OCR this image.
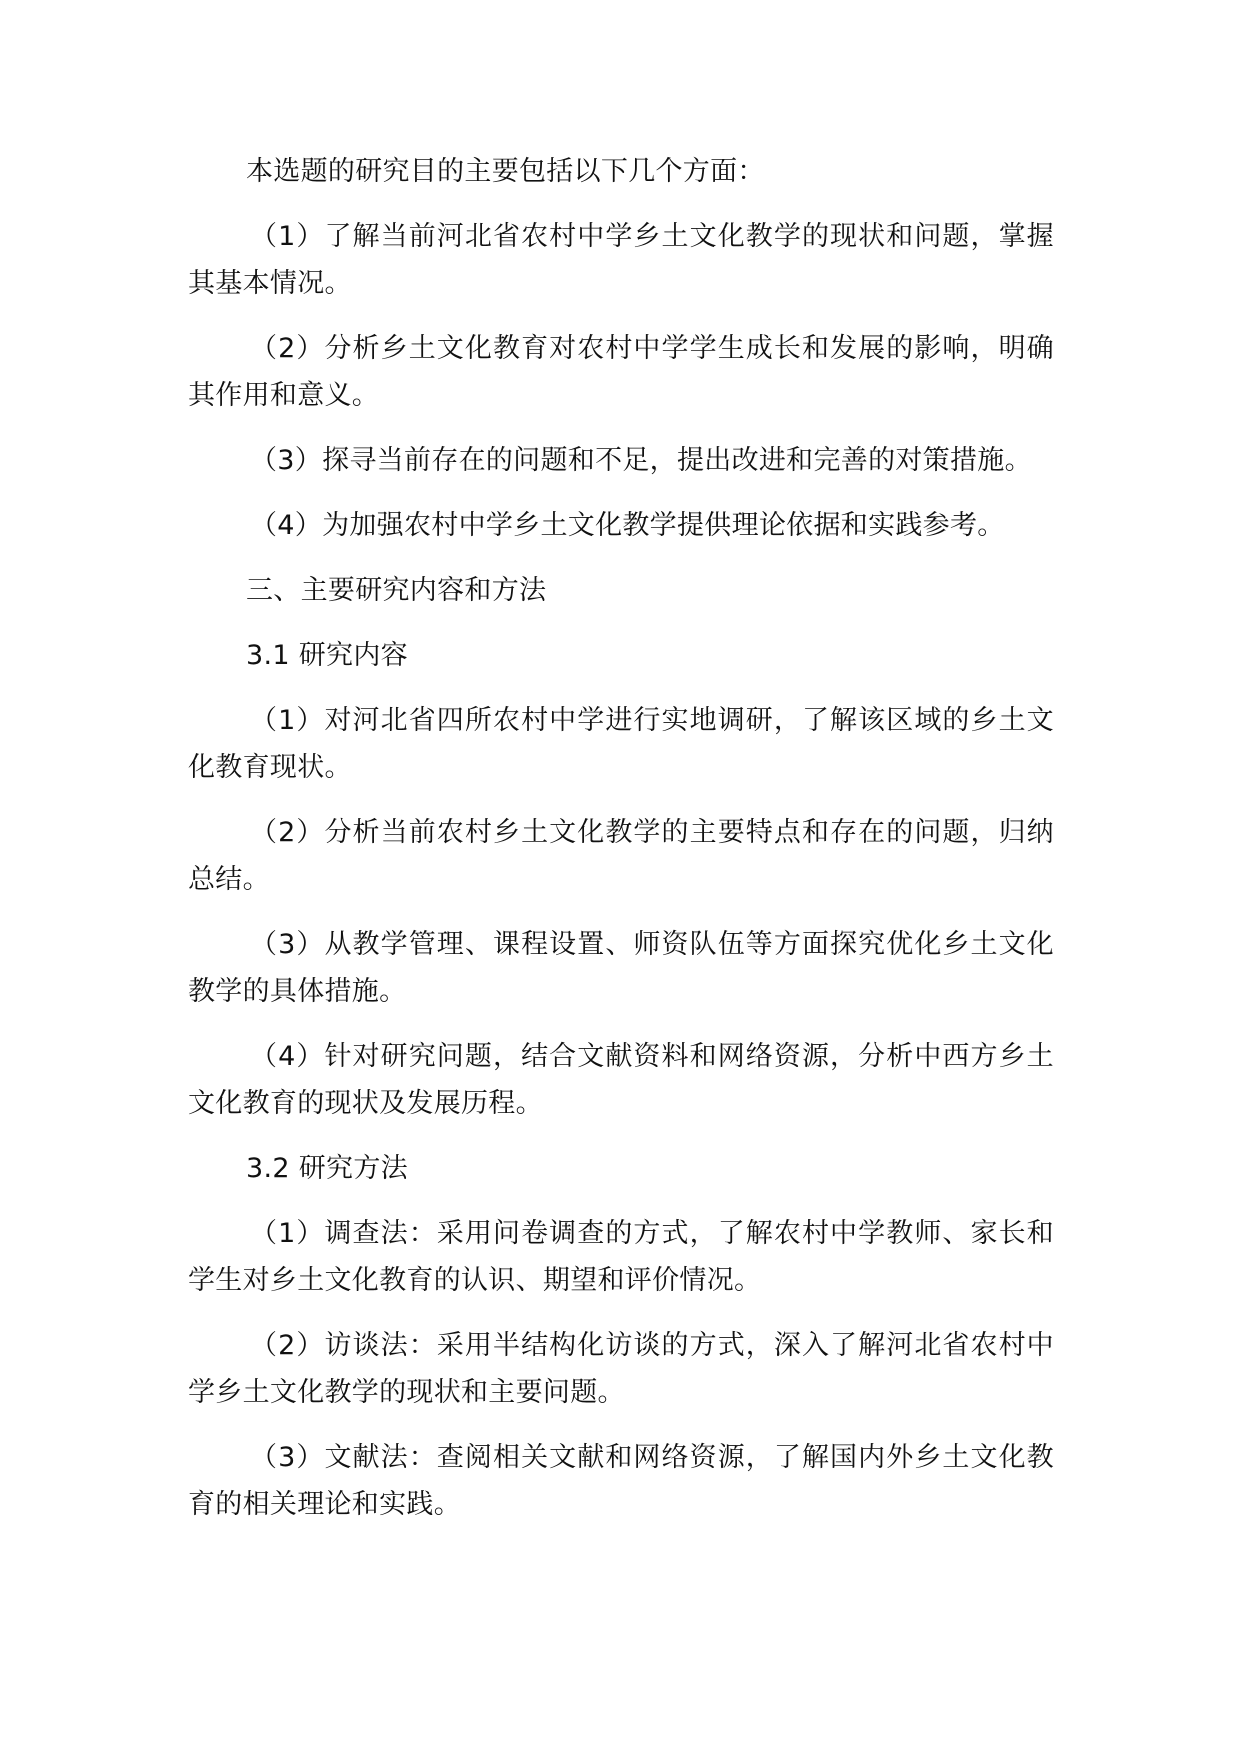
本选题的研究目的主要包括以下几个方面：

（1）了解当前河北省农村中学乡土文化教学的现状和问题，掌握其基本情况。

（2）分析乡土文化教育对农村中学学生成长和发展的影响，明确其作用和意义。

（3）探寻当前存在的问题和不足，提出改进和完善的对策措施。

（4）为加强农村中学乡土文化教学提供理论依据和实践参考。

三、主要研究内容和方法

3.1 研究内容

（1）对河北省四所农村中学进行实地调研，了解该区域的乡土文化教育现状。

（2）分析当前农村乡土文化教学的主要特点和存在的问题，归纳总结。

（3）从教学管理、课程设置、师资队伍等方面探究优化乡土文化教学的具体措施。

（4）针对研究问题，结合文献资料和网络资源，分析中西方乡土文化教育的现状及发展历程。

3.2 研究方法

（1）调查法：采用问卷调查的方式，了解农村中学教师、家长和学生对乡土文化教育的认识、期望和评价情况。

（2）访谈法：采用半结构化访谈的方式，深入了解河北省农村中学乡土文化教学的现状和主要问题。

（3）文献法：查阅相关文献和网络资源，了解国内外乡土文化教育的相关理论和实践。
